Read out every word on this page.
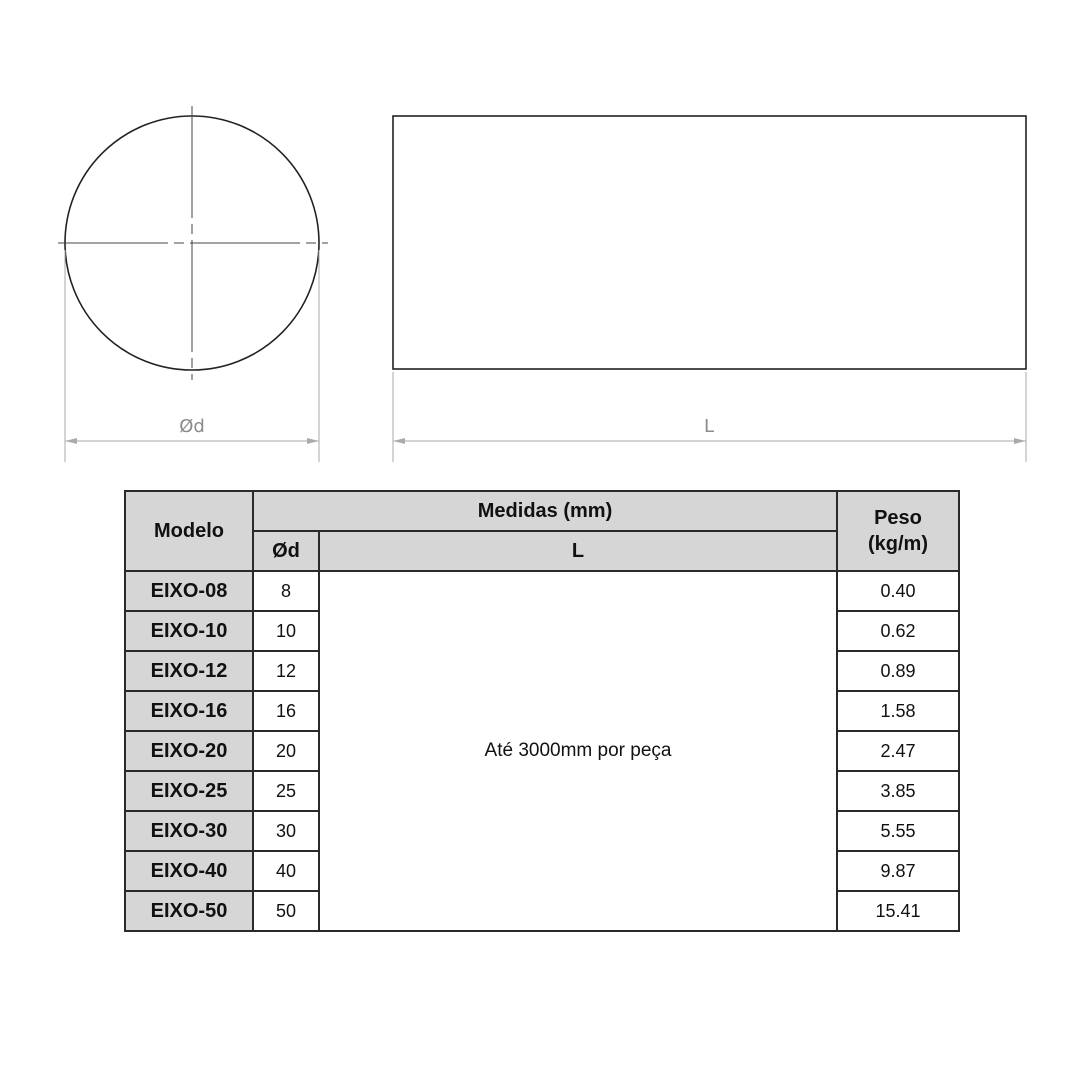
Ød	L
Modelo	Medidas (mm)		Peso
(kg/m)

	Ød	L	
EIXO-08	8	Até 3000mm por peça	0.40
EIXO-10	10		0.62
EIXO-12	12		0.89
EIXO-16	16		1.58
EIXO-20	20		2.47
EIXO-25	25		3.85
EIXO-30	30		5.55
EIXO-40	40		9.87
EIXO-50	50		15.41
